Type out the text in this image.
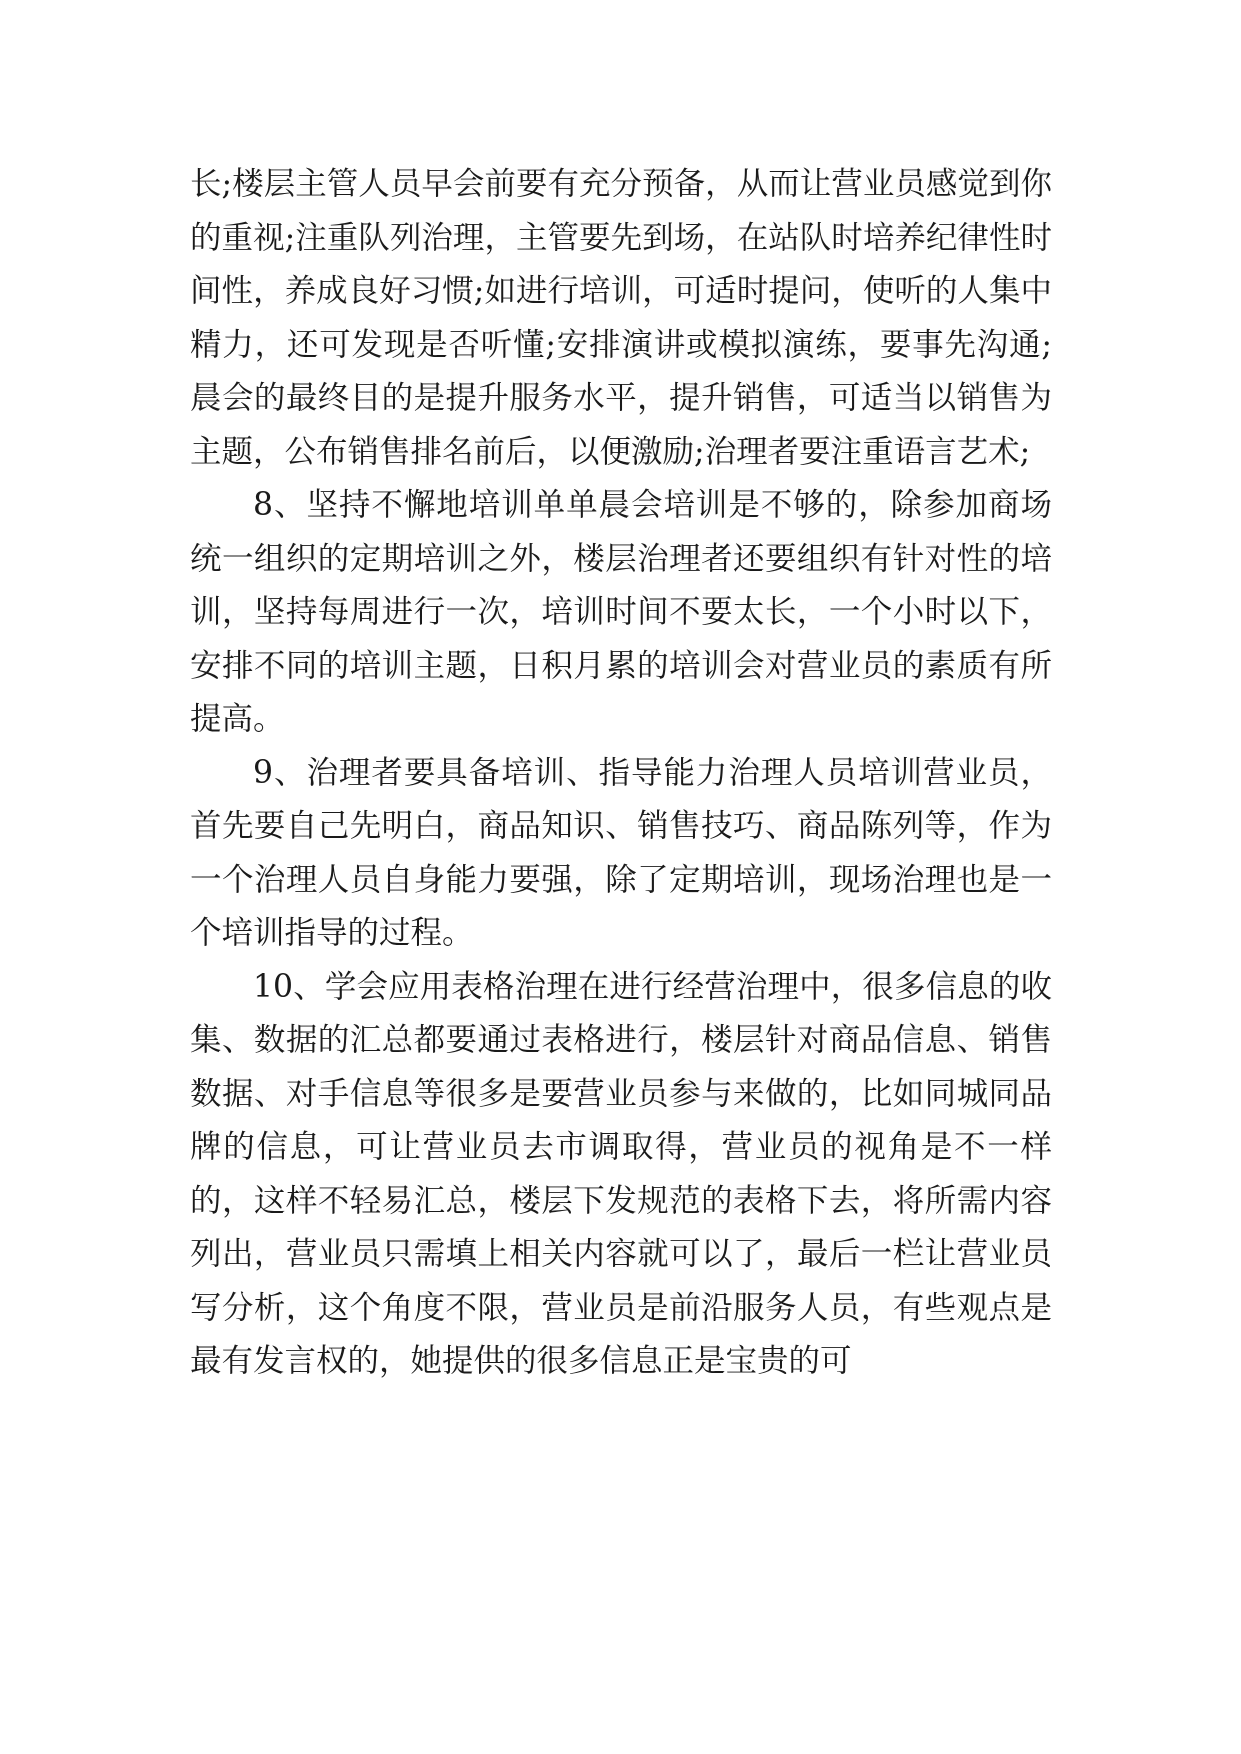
长;楼层主管人员早会前要有充分预备，从而让营业员感觉到你的重视;注重队列治理，主管要先到场，在站队时培养纪律性时间性，养成良好习惯;如进行培训，可适时提问，使听的人集中精力，还可发现是否听懂;安排演讲或模拟演练，要事先沟通;晨会的最终目的是提升服务水平，提升销售，可适当以销售为主题，公布销售排名前后，以便激励;治理者要注重语言艺术;

8、坚持不懈地培训单单晨会培训是不够的，除参加商场统一组织的定期培训之外，楼层治理者还要组织有针对性的培训，坚持每周进行一次，培训时间不要太长，一个小时以下，安排不同的培训主题，日积月累的培训会对营业员的素质有所提高。

9、治理者要具备培训、指导能力治理人员培训营业员，首先要自己先明白，商品知识、销售技巧、商品陈列等，作为一个治理人员自身能力要强，除了定期培训，现场治理也是一个培训指导的过程。

10、学会应用表格治理在进行经营治理中，很多信息的收集、数据的汇总都要通过表格进行，楼层针对商品信息、销售数据、对手信息等很多是要营业员参与来做的，比如同城同品牌的信息，可让营业员去市调取得，营业员的视角是不一样的，这样不轻易汇总，楼层下发规范的表格下去，将所需内容列出，营业员只需填上相关内容就可以了，最后一栏让营业员写分析，这个角度不限，营业员是前沿服务人员，有些观点是最有发言权的，她提供的很多信息正是宝贵的可
